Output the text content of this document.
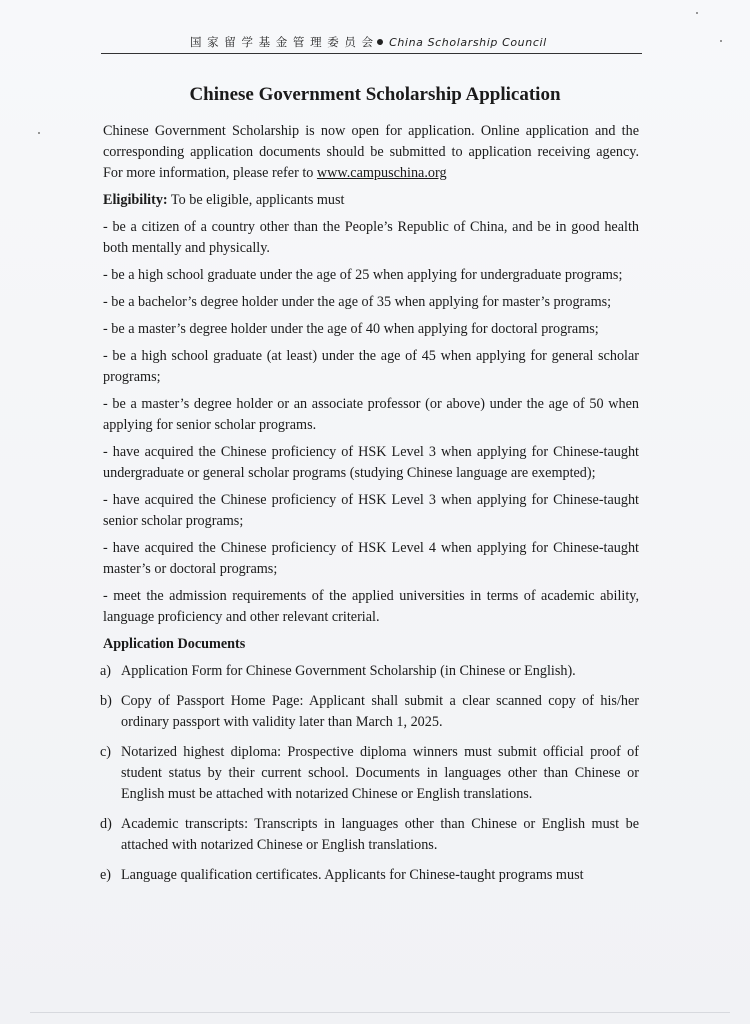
国 家 留 学 基 金 管 理 委 员 会 China Scholarship Council
Chinese Government Scholarship Application

Chinese Government Scholarship is now open for application. Online application and the corresponding application documents should be submitted to application receiving agency. For more information, please refer to www.campuschina.org

Eligibility: To be eligible, applicants must

- be a citizen of a country other than the People’s Republic of China, and be in good health both mentally and physically.

- be a high school graduate under the age of 25 when applying for undergraduate programs;

- be a bachelor’s degree holder under the age of 35 when applying for master’s programs;

- be a master’s degree holder under the age of 40 when applying for doctoral programs;

- be a high school graduate (at least) under the age of 45 when applying for general scholar programs;

- be a master’s degree holder or an associate professor (or above) under the age of 50 when applying for senior scholar programs.

- have acquired the Chinese proficiency of HSK Level 3 when applying for Chinese-taught undergraduate or general scholar programs (studying Chinese language are exempted);

- have acquired the Chinese proficiency of HSK Level 3 when applying for Chinese-taught senior scholar programs;

- have acquired the Chinese proficiency of HSK Level 4 when applying for Chinese-taught master’s or doctoral programs;

- meet the admission requirements of the applied universities in terms of academic ability, language proficiency and other relevant criterial.

Application Documents

a) Application Form for Chinese Government Scholarship (in Chinese or English).
b) Copy of Passport Home Page: Applicant shall submit a clear scanned copy of his/her ordinary passport with validity later than March 1, 2025.
c) Notarized highest diploma: Prospective diploma winners must submit official proof of student status by their current school. Documents in languages other than Chinese or English must be attached with notarized Chinese or English translations.
d) Academic transcripts: Transcripts in languages other than Chinese or English must be attached with notarized Chinese or English translations.
e) Language qualification certificates. Applicants for Chinese-taught programs must
